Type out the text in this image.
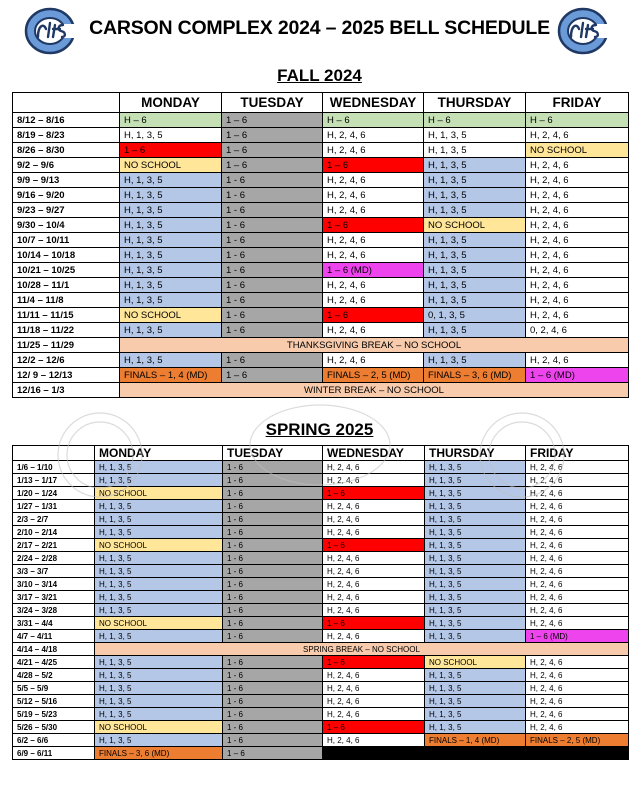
CARSON COMPLEX 2024 – 2025 BELL SCHEDULE
FALL 2024
	MONDAY	TUESDAY	WEDNESDAY	THURSDAY	FRIDAY
8/12 – 8/16	H – 6	1 – 6	H – 6	H – 6	H – 6
8/19 – 8/23	H, 1, 3, 5	1 – 6	H, 2, 4, 6	H, 1, 3, 5	H, 2, 4, 6
8/26 – 8/30	1 – 6	1 – 6	H, 2, 4, 6	H, 1, 3, 5	NO SCHOOL
9/2 – 9/6	NO SCHOOL	1 – 6	1 – 6	H, 1, 3, 5	H, 2, 4, 6
9/9 – 9/13	H, 1, 3, 5	1 - 6	H, 2, 4, 6	H, 1, 3, 5	H, 2, 4, 6
9/16 – 9/20	H, 1, 3, 5	1 - 6	H, 2, 4, 6	H, 1, 3, 5	H, 2, 4, 6
9/23 – 9/27	H, 1, 3, 5	1 - 6	H, 2, 4, 6	H, 1, 3, 5	H, 2, 4, 6
9/30 – 10/4	H, 1, 3, 5	1 - 6	1 – 6	NO SCHOOL	H, 2, 4, 6
10/7 – 10/11	H, 1, 3, 5	1 - 6	H, 2, 4, 6	H, 1, 3, 5	H, 2, 4, 6
10/14 – 10/18	H, 1, 3, 5	1 - 6	H, 2, 4, 6	H, 1, 3, 5	H, 2, 4, 6
10/21 – 10/25	H, 1, 3, 5	1 - 6	1 – 6 (MD)	H, 1, 3, 5	H, 2, 4, 6
10/28 – 11/1	H, 1, 3, 5	1 - 6	H, 2, 4, 6	H, 1, 3, 5	H, 2, 4, 6
11/4 – 11/8	H, 1, 3, 5	1 - 6	H, 2, 4, 6	H, 1, 3, 5	H, 2, 4, 6
11/11 – 11/15	NO SCHOOL	1 - 6	1 – 6	0, 1, 3, 5	H, 2, 4, 6
11/18 – 11/22	H, 1, 3, 5	1 - 6	H, 2, 4, 6	H, 1, 3, 5	0, 2, 4, 6
11/25 – 11/29	THANKSGIVING BREAK – NO SCHOOL				
12/2 – 12/6	H, 1, 3, 5	1 - 6	H, 2, 4, 6	H, 1, 3, 5	H, 2, 4, 6
12/ 9 – 12/13	FINALS – 1, 4 (MD)	1 – 6	FINALS – 2, 5 (MD)	FINALS – 3, 6 (MD)	1 – 6 (MD)
12/16 – 1/3	WINTER BREAK – NO SCHOOL				
SPRING 2025
	MONDAY	TUESDAY	WEDNESDAY	THURSDAY	FRIDAY
1/6 – 1/10	H, 1, 3, 5	1 - 6	H, 2, 4, 6	H, 1, 3, 5	H, 2, 4, 6
1/13 – 1/17	H, 1, 3, 5	1 - 6	H, 2, 4, 6	H, 1, 3, 5	H, 2, 4, 6
1/20 – 1/24	NO SCHOOL	1 - 6	1 – 6	H, 1, 3, 5	H, 2, 4, 6
1/27 – 1/31	H, 1, 3, 5	1 - 6	H, 2, 4, 6	H, 1, 3, 5	H, 2, 4, 6
2/3 – 2/7	H, 1, 3, 5	1 - 6	H, 2, 4, 6	H, 1, 3, 5	H, 2, 4, 6
2/10 – 2/14	H, 1, 3, 5	1 - 6	H, 2, 4, 6	H, 1, 3, 5	H, 2, 4, 6
2/17 – 2/21	NO SCHOOL	1 - 6	1 – 6	H, 1, 3, 5	H, 2, 4, 6
2/24 – 2/28	H, 1, 3, 5	1 - 6	H, 2, 4, 6	H, 1, 3, 5	H, 2, 4, 6
3/3 – 3/7	H, 1, 3, 5	1 - 6	H, 2, 4, 6	H, 1, 3, 5	H, 2, 4, 6
3/10 – 3/14	H, 1, 3, 5	1 - 6	H, 2, 4, 6	H, 1, 3, 5	H, 2, 4, 6
3/17 – 3/21	H, 1, 3, 5	1 - 6	H, 2, 4, 6	H, 1, 3, 5	H, 2, 4, 6
3/24 – 3/28	H, 1, 3, 5	1 - 6	H, 2, 4, 6	H, 1, 3, 5	H, 2, 4, 6
3/31 – 4/4	NO SCHOOL	1 - 6	1 – 6	H, 1, 3, 5	H, 2, 4, 6
4/7 – 4/11	H, 1, 3, 5	1 - 6	H, 2, 4, 6	H, 1, 3, 5	1 – 6 (MD)
4/14 – 4/18	SPRING BREAK – NO SCHOOL				
4/21 – 4/25	H, 1, 3, 5	1 - 6	1 – 6	NO SCHOOL	H, 2, 4, 6
4/28 – 5/2	H, 1, 3, 5	1 - 6	H, 2, 4, 6	H, 1, 3, 5	H, 2, 4, 6
5/5 – 5/9	H, 1, 3, 5	1 - 6	H, 2, 4, 6	H, 1, 3, 5	H, 2, 4, 6
5/12 – 5/16	H, 1, 3, 5	1 - 6	H, 2, 4, 6	H, 1, 3, 5	H, 2, 4, 6
5/19 – 5/23	H, 1, 3, 5	1 - 6	H, 2, 4, 6	H, 1, 3, 5	H, 2, 4, 6
5/26 – 5/30	NO SCHOOL	1 - 6	1 – 6	H, 1, 3, 5	H, 2, 4, 6
6/2 – 6/6	H, 1, 3, 5	1 - 6	H, 2, 4, 6	FINALS – 1, 4 (MD)	FINALS – 2, 5 (MD)
6/9 – 6/11	FINALS – 3, 6 (MD)	1 – 6			
